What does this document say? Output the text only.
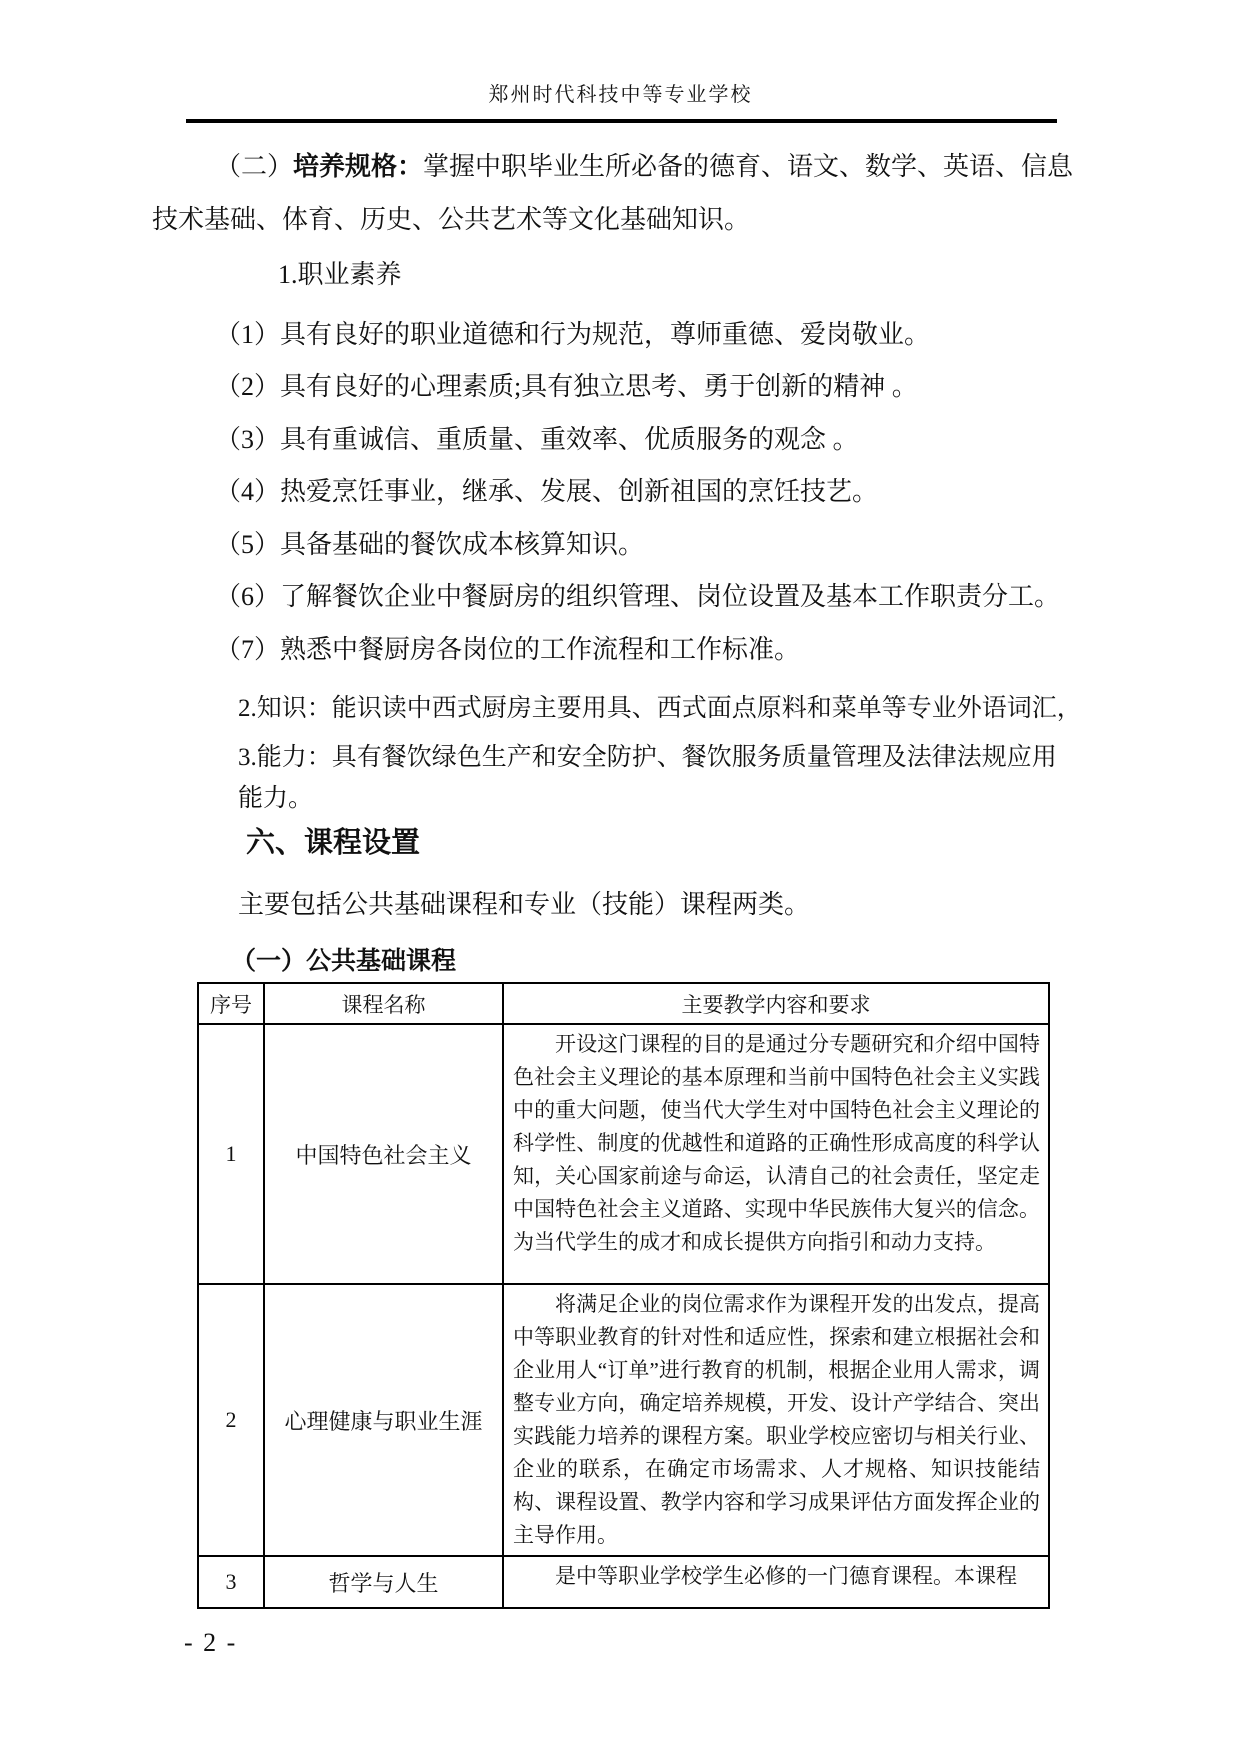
郑州时代科技中等专业学校
（二）培养规格：掌握中职毕业生所必备的德育、语文、数学、英语、信息
技术基础、体育、历史、公共艺术等文化基础知识。
1.职业素养
（1）具有良好的职业道德和行为规范，尊师重德、爱岗敬业。
（2）具有良好的心理素质;具有独立思考、勇于创新的精神 。
（3）具有重诚信、重质量、重效率、优质服务的观念 。
（4）热爱烹饪事业，继承、发展、创新祖国的烹饪技艺。
（5）具备基础的餐饮成本核算知识。
（6）了解餐饮企业中餐厨房的组织管理、岗位设置及基本工作职责分工。
（7）熟悉中餐厨房各岗位的工作流程和工作标准。
2.知识：能识读中西式厨房主要用具、西式面点原料和菜单等专业外语词汇，
3.能力：具有餐饮绿色生产和安全防护、餐饮服务质量管理及法律法规应用
能力。
六、课程设置
主要包括公共基础课程和专业（技能）课程两类。
（一）公共基础课程
序号	课程名称	主要教学内容和要求
1	中国特色社会主义	开设这门课程的目的是通过分专题研究和介绍中国特色社会主义理论的基本原理和当前中国特色社会主义实践中的重大问题，使当代大学生对中国特色社会主义理论的科学性、制度的优越性和道路的正确性形成高度的科学认知，关心国家前途与命运，认清自己的社会责任，坚定走中国特色社会主义道路、实现中华民族伟大复兴的信念。为当代学生的成才和成长提供方向指引和动力支持。
2	心理健康与职业生涯	将满足企业的岗位需求作为课程开发的出发点，提高中等职业教育的针对性和适应性，探索和建立根据社会和企业用人“订单”进行教育的机制，根据企业用人需求，调整专业方向，确定培养规模，开发、设计产学结合、突出实践能力培养的课程方案。职业学校应密切与相关行业、企业的联系，在确定市场需求、人才规格、知识技能结构、课程设置、教学内容和学习成果评估方面发挥企业的主导作用。
3	哲学与人生	是中等职业学校学生必修的一门德育课程。本课程
- 2 -
